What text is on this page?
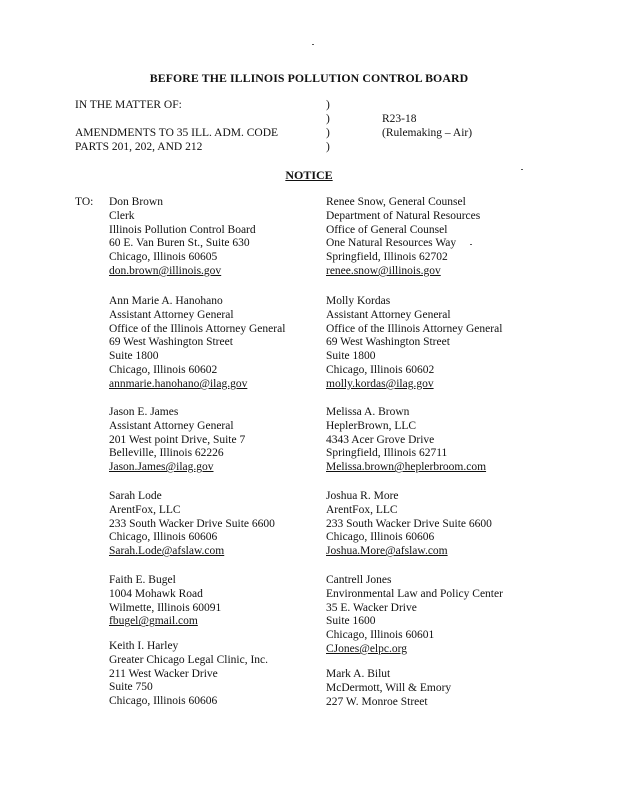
BEFORE THE ILLINOIS POLLUTION CONTROL BOARD
IN THE MATTER OF:
AMENDMENTS TO 35 ILL. ADM. CODE
PARTS 201, 202, AND 212
)
)
)
)
R23-18
(Rulemaking – Air)
NOTICE
TO: Don Brown
Clerk
Illinois Pollution Control Board
60 E. Van Buren St., Suite 630
Chicago, Illinois 60605
don.brown@illinois.gov
Ann Marie A. Hanohano
Assistant Attorney General
Office of the Illinois Attorney General
69 West Washington Street
Suite 1800
Chicago, Illinois 60602
annmarie.hanohano@ilag.gov
Jason E. James
Assistant Attorney General
201 West point Drive, Suite 7
Belleville, Illinois 62226
Jason.James@ilag.gov
Sarah Lode
ArentFox, LLC
233 South Wacker Drive Suite 6600
Chicago, Illinois 60606
Sarah.Lode@afslaw.com
Faith E. Bugel
1004 Mohawk Road
Wilmette, Illinois 60091
fbugel@gmail.com
Keith I. Harley
Greater Chicago Legal Clinic, Inc.
211 West Wacker Drive
Suite 750
Chicago, Illinois 60606
Renee Snow, General Counsel
Department of Natural Resources
Office of General Counsel
One Natural Resources Way
Springfield, Illinois 62702
renee.snow@illinois.gov
Molly Kordas
Assistant Attorney General
Office of the Illinois Attorney General
69 West Washington Street
Suite 1800
Chicago, Illinois 60602
molly.kordas@ilag.gov
Melissa A. Brown
HeplerBrown, LLC
4343 Acer Grove Drive
Springfield, Illinois 62711
Melissa.brown@heplerbroom.com
Joshua R. More
ArentFox, LLC
233 South Wacker Drive Suite 6600
Chicago, Illinois 60606
Joshua.More@afslaw.com
Cantrell Jones
Environmental Law and Policy Center
35 E. Wacker Drive
Suite 1600
Chicago, Illinois 60601
CJones@elpc.org
Mark A. Bilut
McDermott, Will & Emory
227 W. Monroe Street
